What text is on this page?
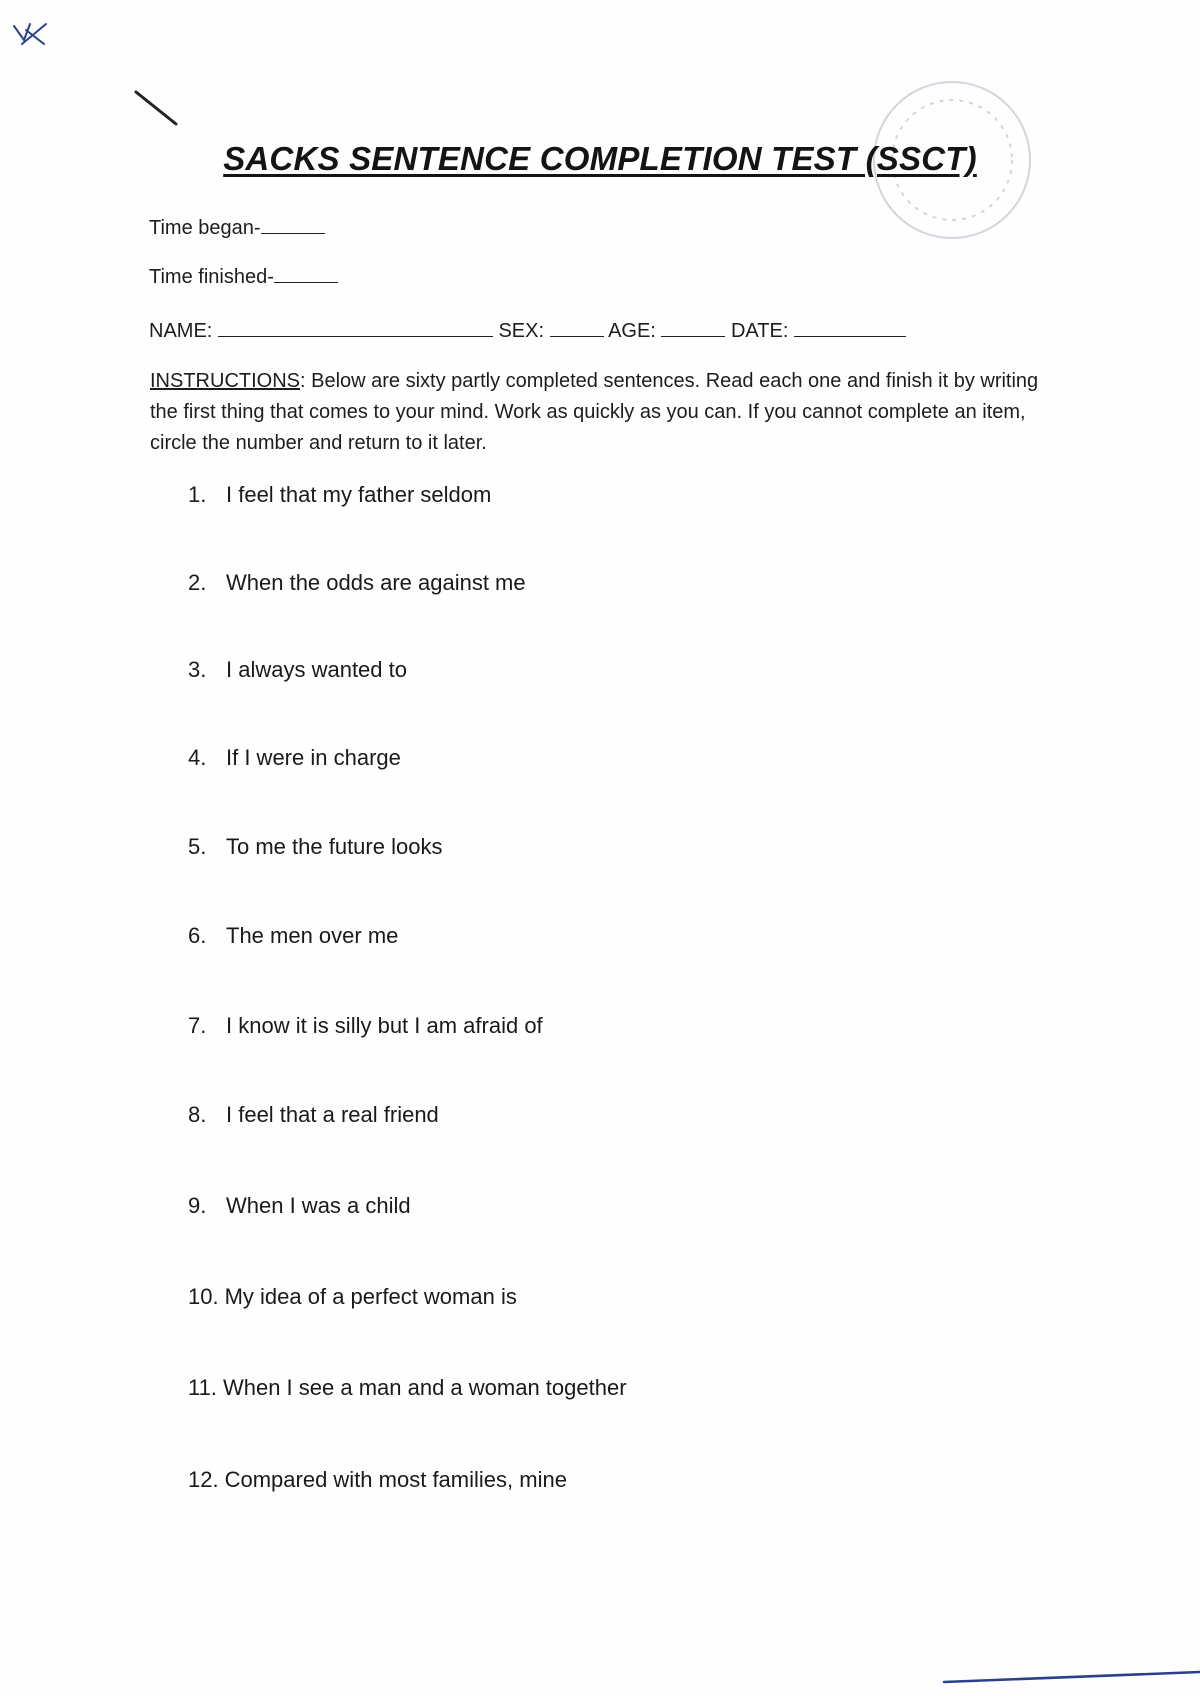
SACKS SENTENCE COMPLETION TEST (SSCT)
Time began-
Time finished-
NAME:	SEX:	AGE:	DATE:
INSTRUCTIONS: Below are sixty partly completed sentences. Read each one and finish it by writing the first thing that comes to your mind. Work as quickly as you can. If you cannot complete an item, circle the number and return to it later.
1. I feel that my father seldom
2. When the odds are against me
3. I always wanted to
4. If I were in charge
5. To me the future looks
6. The men over me
7. I know it is silly but I am afraid of
8. I feel that a real friend
9. When I was a child
10. My idea of a perfect woman is
11. When I see a man and a woman together
12. Compared with most families, mine
